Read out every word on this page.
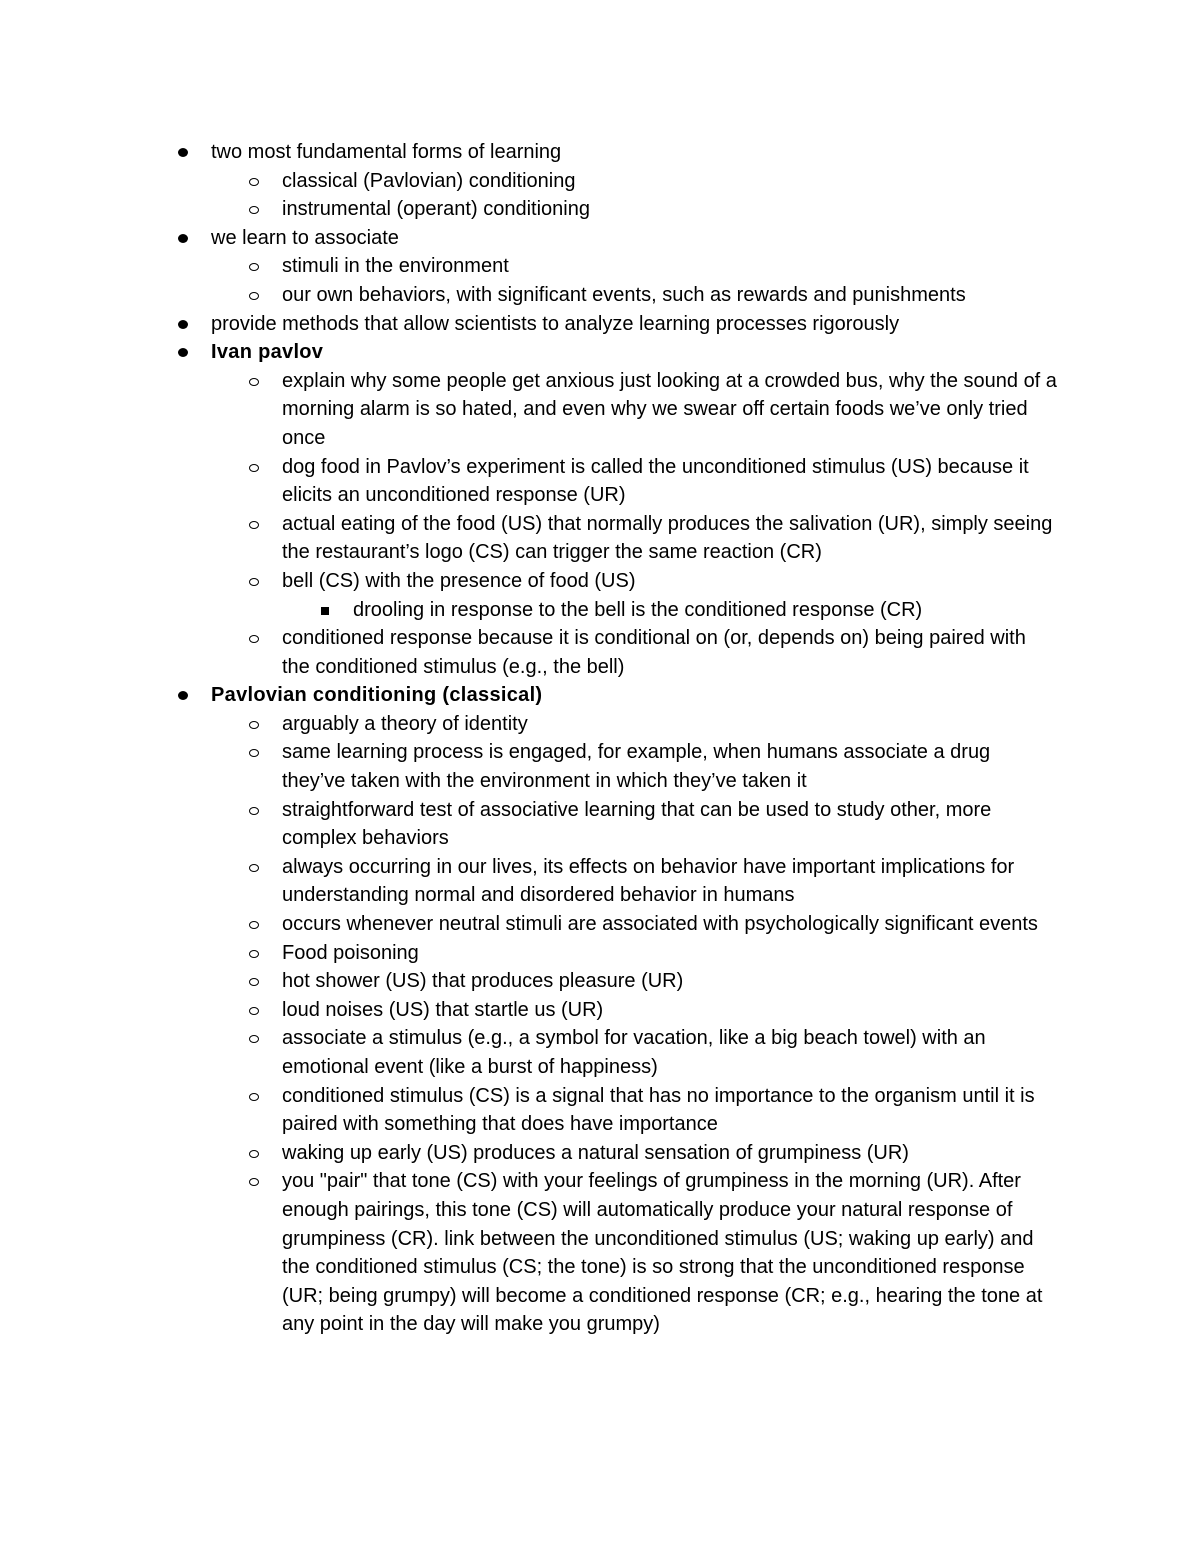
two most fundamental forms of learning
classical (Pavlovian) conditioning
instrumental (operant) conditioning
we learn to associate
stimuli in the environment
our own behaviors, with significant events, such as rewards and punishments
provide methods that allow scientists to analyze learning processes rigorously
Ivan pavlov
explain why some people get anxious just looking at a crowded bus, why the sound of a morning alarm is so hated, and even why we swear off certain foods we’ve only tried once
dog food in Pavlov’s experiment is called the unconditioned stimulus (US) because it elicits an unconditioned response (UR)
actual eating of the food (US) that normally produces the salivation (UR), simply seeing the restaurant’s logo (CS) can trigger the same reaction (CR)
bell (CS) with the presence of food (US)
drooling in response to the bell is the conditioned response (CR)
conditioned response because it is conditional on (or, depends on) being paired with the conditioned stimulus (e.g., the bell)
Pavlovian conditioning (classical)
arguably a theory of identity
same learning process is engaged, for example, when humans associate a drug they’ve taken with the environment in which they’ve taken it
straightforward test of associative learning that can be used to study other, more complex behaviors
always occurring in our lives, its effects on behavior have important implications for understanding normal and disordered behavior in humans
occurs whenever neutral stimuli are associated with psychologically significant events
Food poisoning
hot shower (US) that produces pleasure (UR)
loud noises (US) that startle us (UR)
associate a stimulus (e.g., a symbol for vacation, like a big beach towel) with an emotional event (like a burst of happiness)
conditioned stimulus (CS) is a signal that has no importance to the organism until it is paired with something that does have importance
waking up early (US) produces a natural sensation of grumpiness (UR)
you "pair" that tone (CS) with your feelings of grumpiness in the morning (UR). After enough pairings, this tone (CS) will automatically produce your natural response of grumpiness (CR). link between the unconditioned stimulus (US; waking up early) and the conditioned stimulus (CS; the tone) is so strong that the unconditioned response (UR; being grumpy) will become a conditioned response (CR; e.g., hearing the tone at any point in the day will make you grumpy)
